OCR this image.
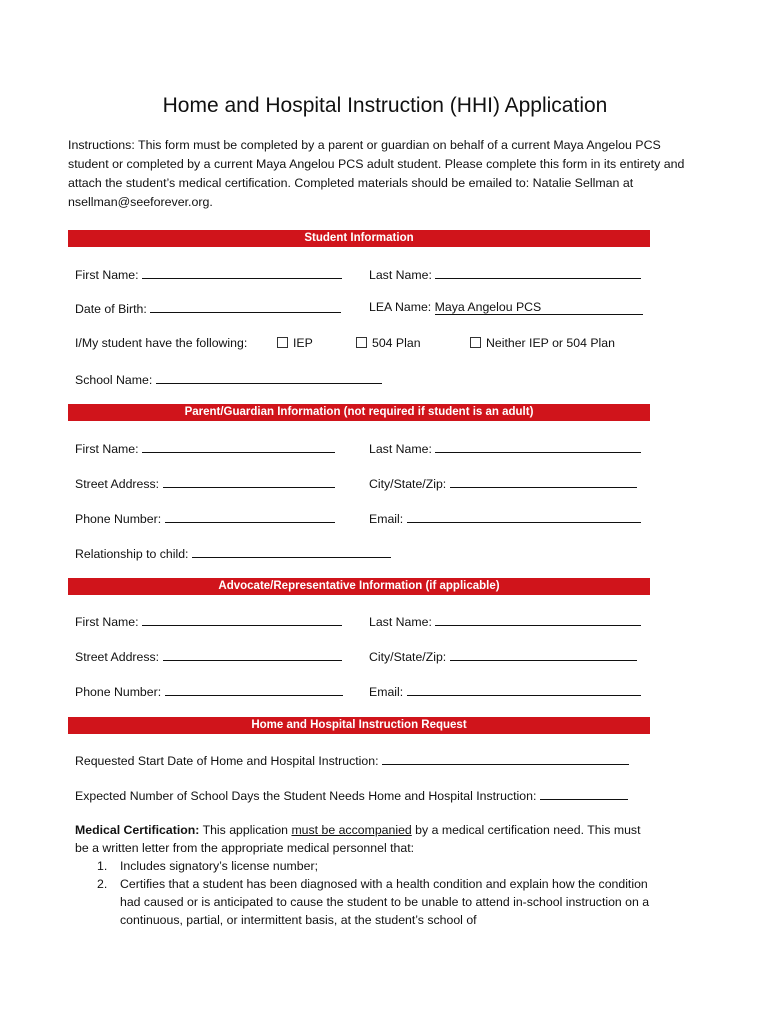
Home and Hospital Instruction (HHI) Application
Instructions: This form must be completed by a parent or guardian on behalf of a current Maya Angelou PCS student or completed by a current Maya Angelou PCS adult student. Please complete this form in its entirety and attach the student’s medical certification. Completed materials should be emailed to: Natalie Sellman at nsellman@seeforever.org.
Student Information
First Name:	Last Name:
Date of Birth:	LEA Name: Maya Angelou PCS
I/My student have the following:	IEP	504 Plan	Neither IEP or 504 Plan
School Name:
Parent/Guardian Information (not required if student is an adult)
First Name:	Last Name:
Street Address:	City/State/Zip:
Phone Number:	Email:
Relationship to child:
Advocate/Representative Information (if applicable)
First Name:	Last Name:
Street Address:	City/State/Zip:
Phone Number:	Email:
Home and Hospital Instruction Request
Requested Start Date of Home and Hospital Instruction:
Expected Number of School Days the Student Needs Home and Hospital Instruction:
Medical Certification: This application must be accompanied by a medical certification need. This must be a written letter from the appropriate medical personnel that:
1. Includes signatory’s license number;
2. Certifies that a student has been diagnosed with a health condition and explain how the condition had caused or is anticipated to cause the student to be unable to attend in-school instruction on a continuous, partial, or intermittent basis, at the student’s school of
